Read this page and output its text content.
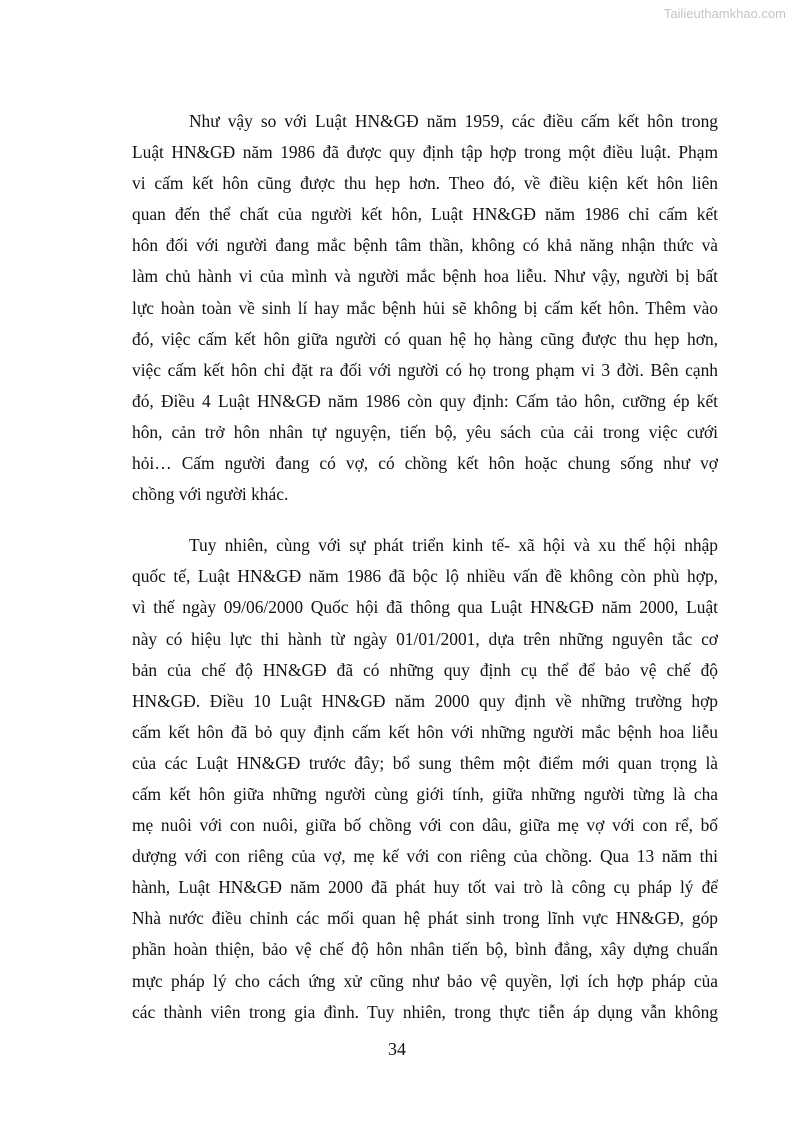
Tailieuthamkhao.com

Như vậy so với Luật HN&GĐ năm 1959, các điều cấm kết hôn trong

Luật HN&GĐ năm 1986 đã được quy định tập hợp trong một điều luật. Phạm

vi cấm kết hôn cũng được thu hẹp hơn. Theo đó, về điều kiện kết hôn liên

quan đến thể chất của người kết hôn, Luật HN&GĐ năm 1986 chỉ cấm kết

hôn đối với người đang mắc bệnh tâm thần, không có khả năng nhận thức và

làm chủ hành vi của mình và người mắc bệnh hoa liễu. Như vậy, người bị bất

lực hoàn toàn về sinh lí hay mắc bệnh hủi sẽ không bị cấm kết hôn. Thêm vào

đó, việc cấm kết hôn giữa người có quan hệ họ hàng cũng được thu hẹp hơn,

việc cấm kết hôn chỉ đặt ra đối với người có họ trong phạm vi 3 đời. Bên cạnh

đó, Điều 4 Luật HN&GĐ năm 1986 còn quy định: Cấm tảo hôn, cưỡng ép kết

hôn, cản trở hôn nhân tự nguyện, tiến bộ, yêu sách của cải trong việc cưới

hỏi… Cấm người đang có vợ, có chồng kết hôn hoặc chung sống như vợ

chồng với người khác.

Tuy nhiên, cùng với sự phát triển kinh tế- xã hội và xu thế hội nhập

quốc tế, Luật HN&GĐ năm 1986 đã bộc lộ nhiều vấn đề không còn phù hợp,

vì thế ngày 09/06/2000 Quốc hội đã thông qua Luật HN&GĐ năm 2000, Luật

này có hiệu lực thi hành từ ngày 01/01/2001, dựa trên những nguyên tắc cơ

bản của chế độ HN&GĐ đã có những quy định cụ thể để bảo vệ chế độ

HN&GĐ. Điều 10 Luật HN&GĐ năm 2000 quy định về những trường hợp

cấm kết hôn đã bỏ quy định cấm kết hôn với những người mắc bệnh hoa liễu

của các Luật HN&GĐ trước đây; bổ sung thêm một điểm mới quan trọng là

cấm kết hôn giữa những người cùng giới tính, giữa những người từng là cha

mẹ nuôi với con nuôi, giữa bố chồng với con dâu, giữa mẹ vợ với con rể, bố

dượng với con riêng của vợ, mẹ kế với con riêng của chồng. Qua 13 năm thi

hành, Luật HN&GĐ năm 2000 đã phát huy tốt vai trò là công cụ pháp lý để

Nhà nước điều chỉnh các mối quan hệ phát sinh trong lĩnh vực HN&GĐ, góp

phần hoàn thiện, bảo vệ chế độ hôn nhân tiến bộ, bình đẳng, xây dựng chuẩn

mực pháp lý cho cách ứng xử cũng như bảo vệ quyền, lợi ích hợp pháp của

các thành viên trong gia đình. Tuy nhiên, trong thực tiễn áp dụng vẫn không

34
